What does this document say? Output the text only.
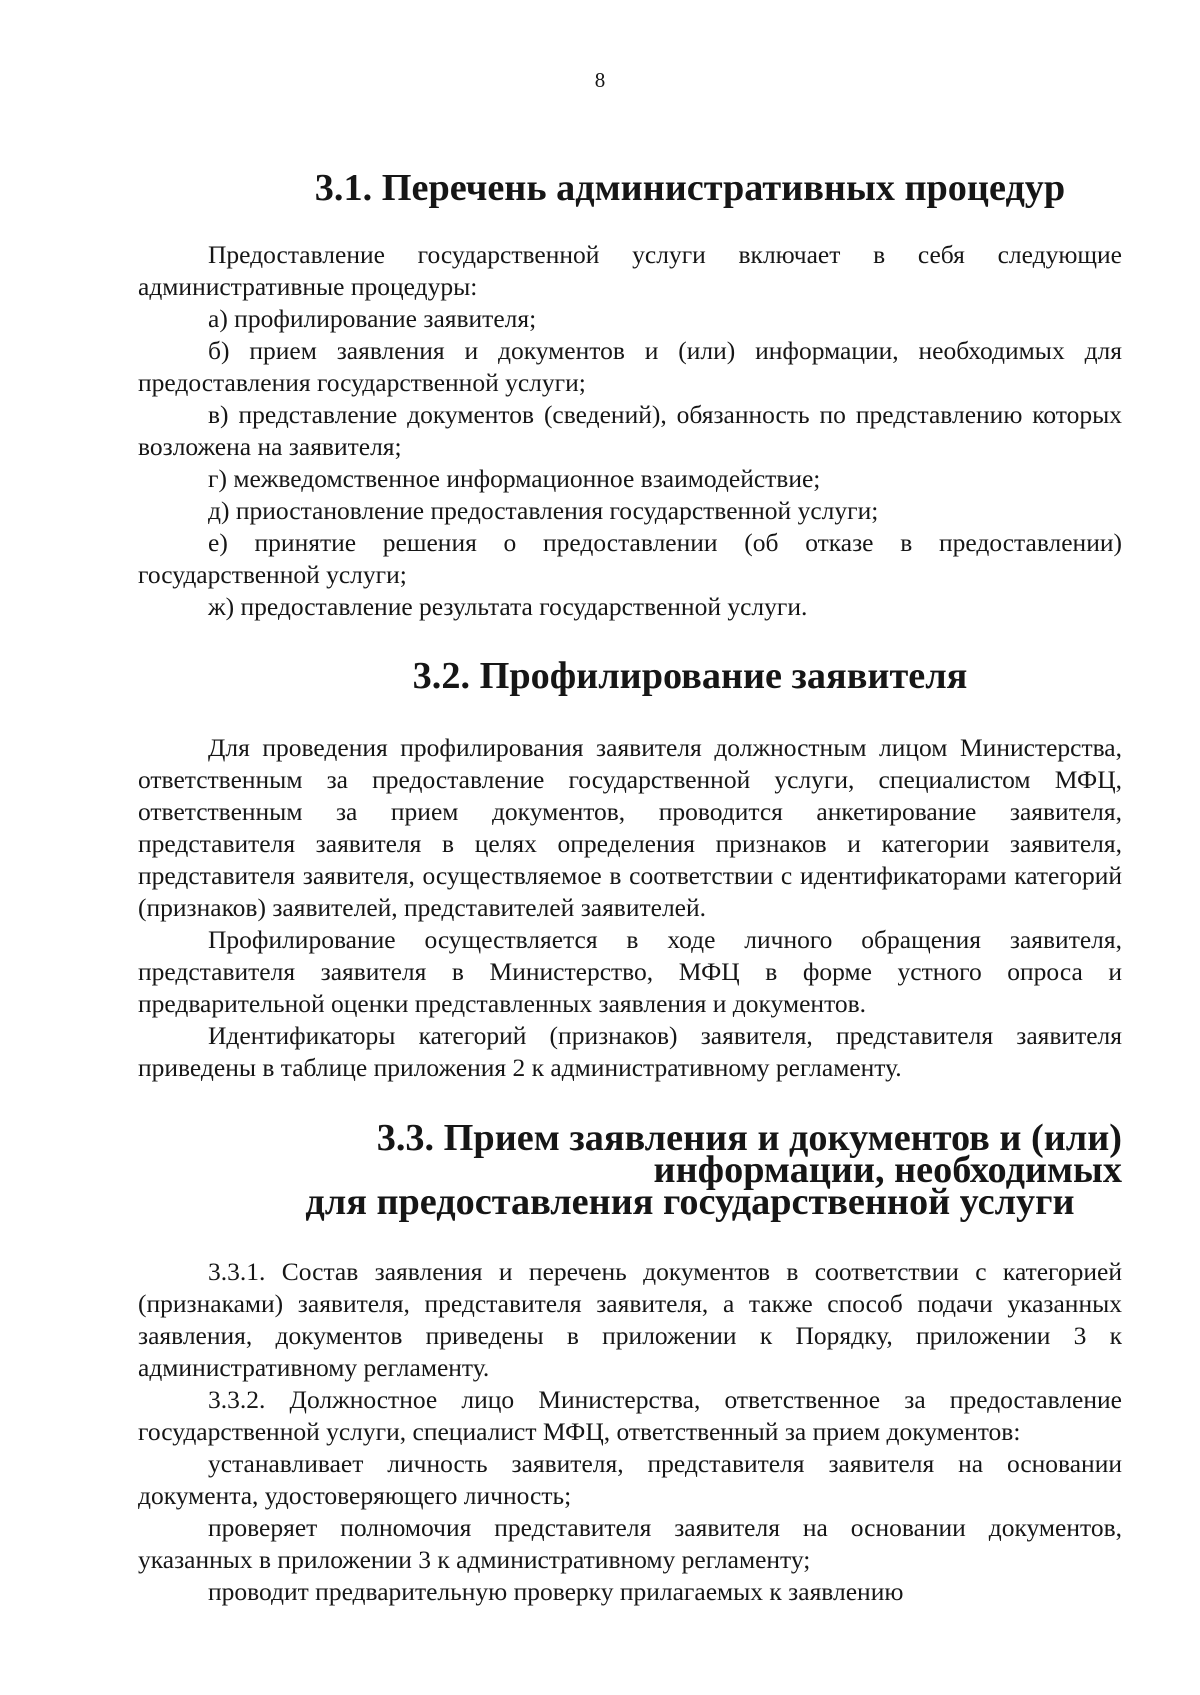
8
3.1. Перечень административных процедур

Предоставление государственной услуги включает в себя следующие административные процедуры:

а) профилирование заявителя;

б) прием заявления и документов и (или) информации, необходимых для предоставления государственной услуги;

в) представление документов (сведений), обязанность по представлению которых возложена на заявителя;

г) межведомственное информационное взаимодействие;

д) приостановление предоставления государственной услуги;

е) принятие решения о предоставлении (об отказе в предоставлении) государственной услуги;

ж) предоставление результата государственной услуги.

3.2. Профилирование заявителя

Для проведения профилирования заявителя должностным лицом Министерства, ответственным за предоставление государственной услуги, специалистом МФЦ, ответственным за прием документов, проводится анкетирование заявителя, представителя заявителя в целях определения признаков и категории заявителя, представителя заявителя, осуществляемое в соответствии с идентификаторами категорий (признаков) заявителей, представителей заявителей.

Профилирование осуществляется в ходе личного обращения заявителя, представителя заявителя в Министерство, МФЦ в форме устного опроса и предварительной оценки представленных заявления и документов.

Идентификаторы категорий (признаков) заявителя, представителя заявителя приведены в таблице приложения 2 к административному регламенту.

3.3. Прием заявления и документов и (или) информации, необходимых
для предоставления государственной услуги

3.3.1. Состав заявления и перечень документов в соответствии с категорией (признаками) заявителя, представителя заявителя, а также способ подачи указанных заявления, документов приведены в приложении к Порядку, приложении 3 к административному регламенту.

3.3.2. Должностное лицо Министерства, ответственное за предоставление государственной услуги, специалист МФЦ, ответственный за прием документов:

устанавливает личность заявителя, представителя заявителя на основании документа, удостоверяющего личность;

проверяет полномочия представителя заявителя на основании документов, указанных в приложении 3 к административному регламенту;

проводит предварительную проверку прилагаемых к заявлению
